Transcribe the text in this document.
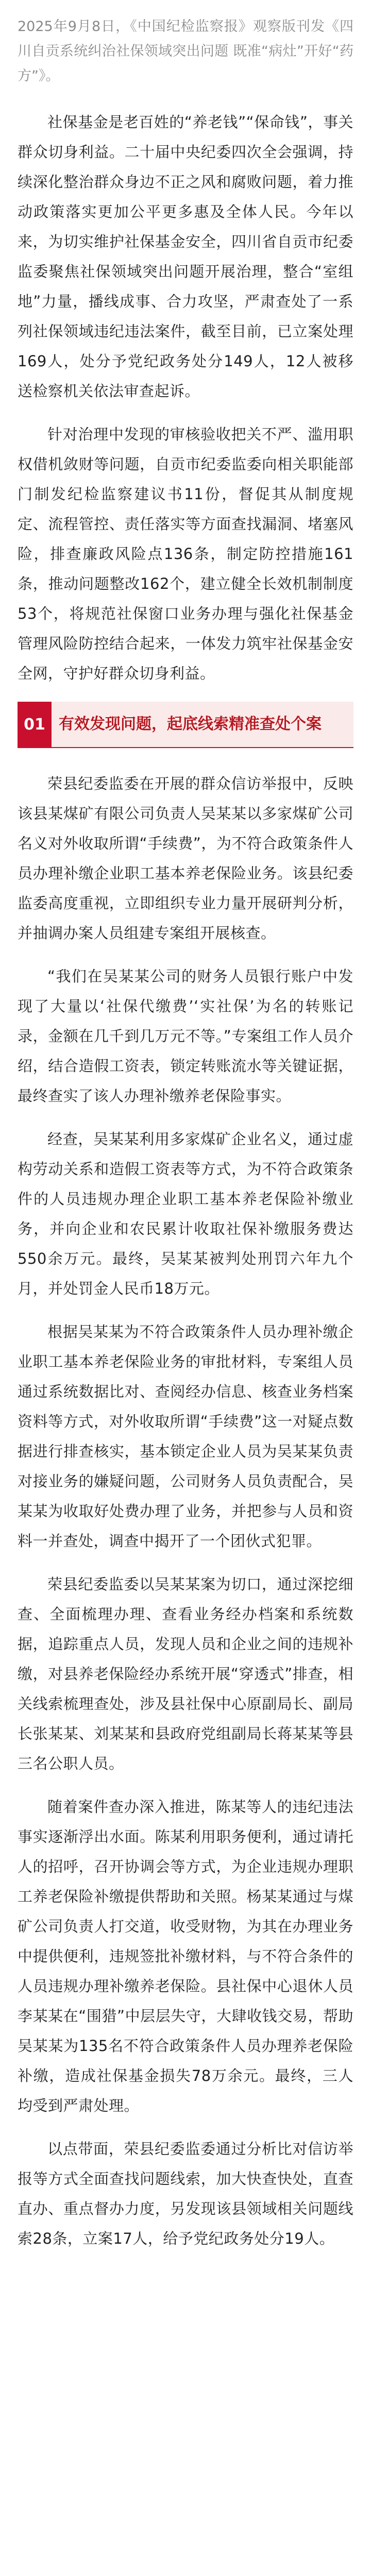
2025年9月8日，《中国纪检监察报》观察版刊发《四川自贡系统纠治社保领域突出问题 既准“病灶”开好“药方”》。

社保基金是老百姓的“养老钱”“保命钱”，事关群众切身利益。二十届中央纪委四次全会强调，持续深化整治群众身边不正之风和腐败问题，着力推动政策落实更加公平更多惠及全体人民。今年以来，为切实维护社保基金安全，四川省自贡市纪委监委聚焦社保领域突出问题开展治理，整合“室组地”力量，播线成事、合力攻坚，严肃查处了一系列社保领域违纪违法案件，截至目前，已立案处理169人，处分予党纪政务处分149人，12人被移送检察机关依法审查起诉。

针对治理中发现的审核验收把关不严、滥用职权借机敛财等问题，自贡市纪委监委向相关职能部门制发纪检监察建议书11份，督促其从制度规定、流程管控、责任落实等方面查找漏洞、堵塞风险，排查廉政风险点136条，制定防控措施161条，推动问题整改162个，建立健全长效机制制度53个，将规范社保窗口业务办理与强化社保基金管理风险防控结合起来，一体发力筑牢社保基金安全网，守护好群众切身利益。

01 有效发现问题，起底线索精准查处个案

荣县纪委监委在开展的群众信访举报中，反映该县某煤矿有限公司负责人吴某某以多家煤矿公司名义对外收取所谓“手续费”，为不符合政策条件人员办理补缴企业职工基本养老保险业务。该县纪委监委高度重视，立即组织专业力量开展研判分析，并抽调办案人员组建专案组开展核查。

“我们在吴某某公司的财务人员银行账户中发现了大量以‘社保代缴费’‘实社保’为名的转账记录，金额在几千到几万元不等。”专案组工作人员介绍，结合造假工资表，锁定转账流水等关键证据，最终查实了该人办理补缴养老保险事实。

经查，吴某某利用多家煤矿企业名义，通过虚构劳动关系和造假工资表等方式，为不符合政策条件的人员违规办理企业职工基本养老保险补缴业务，并向企业和农民累计收取社保补缴服务费达550余万元。最终，吴某某被判处刑罚六年九个月，并处罚金人民币18万元。

根据吴某某为不符合政策条件人员办理补缴企业职工基本养老保险业务的审批材料，专案组人员通过系统数据比对、查阅经办信息、核查业务档案资料等方式，对外收取所谓“手续费”这一对疑点数据进行排查核实，基本锁定企业人员为吴某某负责对接业务的嫌疑问题，公司财务人员负责配合，吴某某为收取好处费办理了业务，并把参与人员和资料一并查处，调查中揭开了一个团伙式犯罪。

荣县纪委监委以吴某某案为切口，通过深挖细查、全面梳理办理、查看业务经办档案和系统数据，追踪重点人员，发现人员和企业之间的违规补缴，对县养老保险经办系统开展“穿透式”排查，相关线索梳理查处，涉及县社保中心原副局长、副局长张某某、刘某某和县政府党组副局长蒋某某等县三名公职人员。

随着案件查办深入推进，陈某等人的违纪违法事实逐渐浮出水面。陈某利用职务便利，通过请托人的招呼，召开协调会等方式，为企业违规办理职工养老保险补缴提供帮助和关照。杨某某通过与煤矿公司负责人打交道，收受财物，为其在办理业务中提供便利，违规签批补缴材料，与不符合条件的人员违规办理补缴养老保险。县社保中心退休人员李某某在“围猎”中层层失守，大肆收钱交易，帮助吴某某为135名不符合政策条件人员办理养老保险补缴，造成社保基金损失78万余元。最终，三人均受到严肃处理。

以点带面，荣县纪委监委通过分析比对信访举报等方式全面查找问题线索，加大快查快处，直查直办、重点督办力度，另发现该县领域相关问题线索28条，立案17人，给予党纪政务处分19人。
